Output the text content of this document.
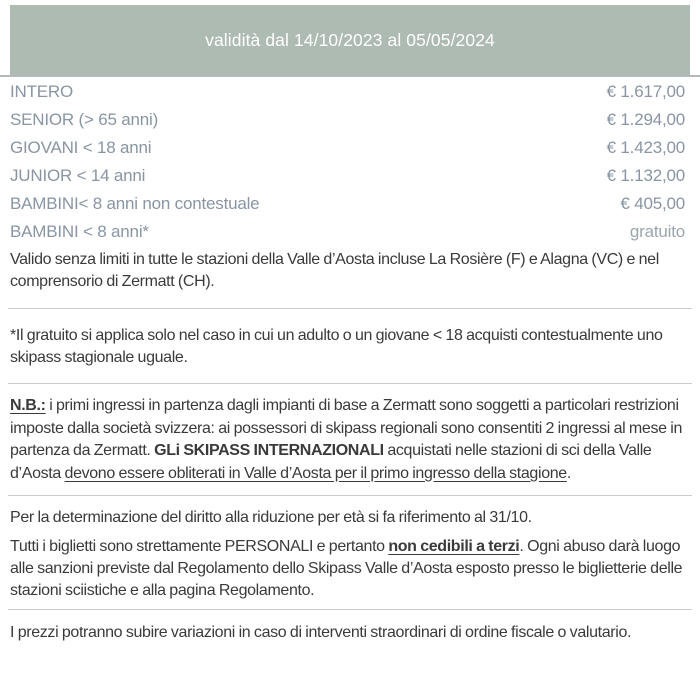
validità dal 14/10/2023 al 05/05/2024
INTERO	€ 1.617,00
SENIOR (> 65 anni)	€ 1.294,00
GIOVANI < 18 anni	€ 1.423,00
JUNIOR < 14 anni	€ 1.132,00
BAMBINI< 8 anni non contestuale	€ 405,00
BAMBINI < 8 anni*	gratuito

Valido senza limiti in tutte le stazioni della Valle d’Aosta incluse La Rosière (F) e Alagna (VC) e nel comprensorio di Zermatt (CH).

*Il gratuito si applica solo nel caso in cui un adulto o un giovane < 18 acquisti contestualmente uno skipass stagionale uguale.

N.B.: i primi ingressi in partenza dagli impianti di base a Zermatt sono soggetti a particolari restrizioni imposte dalla società svizzera: ai possessori di skipass regionali sono consentiti 2 ingressi al mese in partenza da Zermatt. GLi SKIPASS INTERNAZIONALI acquistati nelle stazioni di sci della Valle d’Aosta devono essere obliterati in Valle d’Aosta per il primo ingresso della stagione.

Per la determinazione del diritto alla riduzione per età si fa riferimento al 31/10.

Tutti i biglietti sono strettamente PERSONALI e pertanto non cedibili a terzi. Ogni abuso darà luogo alle sanzioni previste dal Regolamento dello Skipass Valle d’Aosta esposto presso le biglietterie delle stazioni sciistiche e alla pagina Regolamento.

I prezzi potranno subire variazioni in caso di interventi straordinari di ordine fiscale o valutario.
